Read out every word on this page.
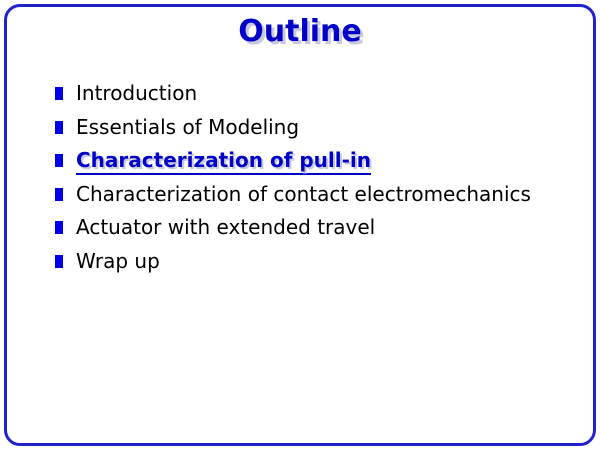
Outline
Introduction
Essentials of Modeling
Characterization of pull-in
Characterization of contact electromechanics
Actuator with extended travel
Wrap up
